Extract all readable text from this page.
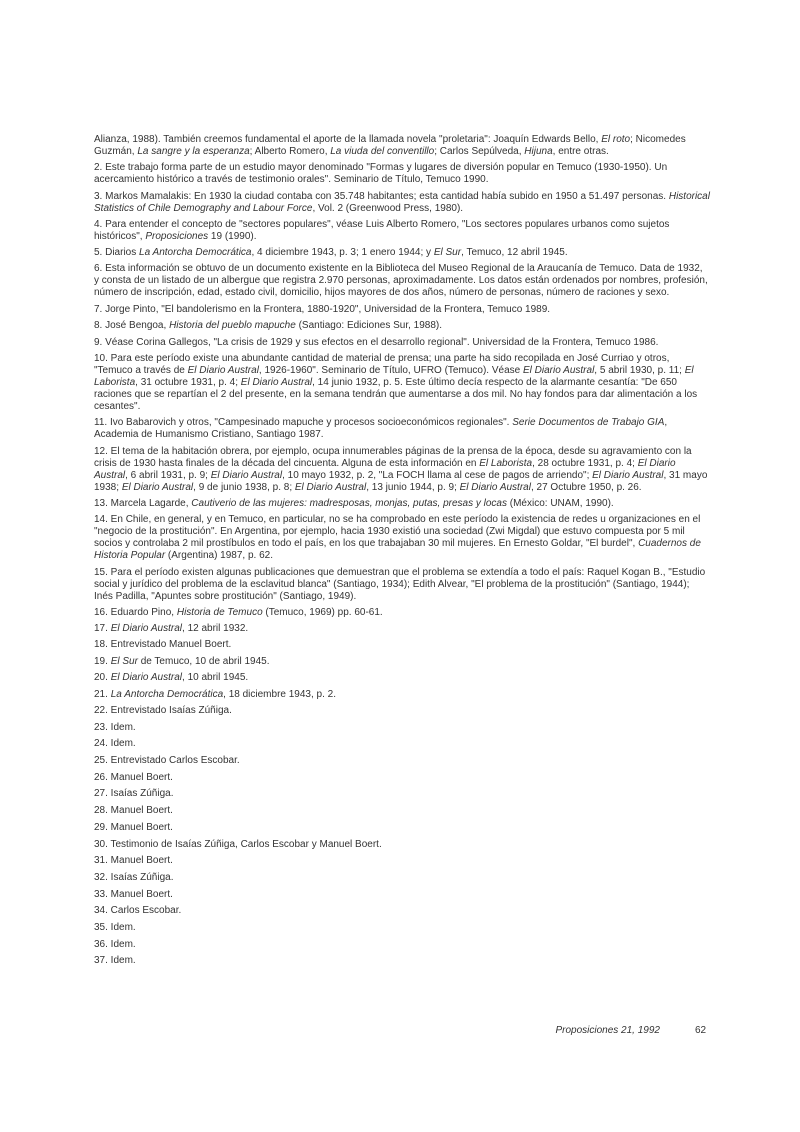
Alianza, 1988). También creemos fundamental el aporte de la llamada novela "proletaria": Joaquín Edwards Bello, El roto; Nicomedes Guzmán, La sangre y la esperanza; Alberto Romero, La viuda del conventillo; Carlos Sepúlveda, Hijuna, entre otras.

2. Este trabajo forma parte de un estudio mayor denominado "Formas y lugares de diversión popular en Temuco (1930-1950). Un acercamiento histórico a través de testimonio orales". Seminario de Título, Temuco 1990.

3. Markos Mamalakis: En 1930 la ciudad contaba con 35.748 habitantes; esta cantidad había subido en 1950 a 51.497 personas. Historical Statistics of Chile Demography and Labour Force, Vol. 2 (Greenwood Press, 1980).

4. Para entender el concepto de "sectores populares", véase Luis Alberto Romero, "Los sectores populares urbanos como sujetos históricos", Proposiciones 19 (1990).

5. Diarios La Antorcha Democrática, 4 diciembre 1943, p. 3; 1 enero 1944; y El Sur, Temuco, 12 abril 1945.

6. Esta información se obtuvo de un documento existente en la Biblioteca del Museo Regional de la Araucanía de Temuco. Data de 1932, y consta de un listado de un albergue que registra 2.970 personas, aproximadamente. Los datos están ordenados por nombres, profesión, número de inscripción, edad, estado civil, domicilio, hijos mayores de dos años, número de personas, número de raciones y sexo.

7. Jorge Pinto, "El bandolerismo en la Frontera, 1880-1920", Universidad de la Frontera, Temuco 1989.

8. José Bengoa, Historia del pueblo mapuche (Santiago: Ediciones Sur, 1988).

9. Véase Corina Gallegos, "La crisis de 1929 y sus efectos en el desarrollo regional". Universidad de la Frontera, Temuco 1986.

10. Para este período existe una abundante cantidad de material de prensa; una parte ha sido recopilada en José Curriao y otros, "Temuco a través de El Diario Austral, 1926-1960". Seminario de Título, UFRO (Temuco). Véase El Diario Austral, 5 abril 1930, p. 11; El Laborista, 31 octubre 1931, p. 4; El Diario Austral, 14 junio 1932, p. 5. Este último decía respecto de la alarmante cesantía: "De 650 raciones que se repartían el 2 del presente, en la semana tendrán que aumentarse a dos mil. No hay fondos para dar alimentación a los cesantes".

11. Ivo Babarovich y otros, "Campesinado mapuche y procesos socioeconómicos regionales". Serie Documentos de Trabajo GIA, Academia de Humanismo Cristiano, Santiago 1987.

12. El tema de la habitación obrera, por ejemplo, ocupa innumerables páginas de la prensa de la época, desde su agravamiento con la crisis de 1930 hasta finales de la década del cincuenta. Alguna de esta información en El Laborista, 28 octubre 1931, p. 4; El Diario Austral, 6 abril 1931, p. 9; El Diario Austral, 10 mayo 1932, p. 2, "La FOCH llama al cese de pagos de arriendo"; El Diario Austral, 31 mayo 1938; El Diario Austral, 9 de junio 1938, p. 8; El Diario Austral, 13 junio 1944, p. 9; El Diario Austral, 27 Octubre 1950, p. 26.

13. Marcela Lagarde, Cautiverio de las mujeres: madresposas, monjas, putas, presas y locas (México: UNAM, 1990).

14. En Chile, en general, y en Temuco, en particular, no se ha comprobado en este período la existencia de redes u organizaciones en el "negocio de la prostitución". En Argentina, por ejemplo, hacia 1930 existió una sociedad (Zwi Migdal) que estuvo compuesta por 5 mil socios y controlaba 2 mil prostíbulos en todo el país, en los que trabajaban 30 mil mujeres. En Ernesto Goldar, "El burdel", Cuadernos de Historia Popular (Argentina) 1987, p. 62.

15. Para el período existen algunas publicaciones que demuestran que el problema se extendía a todo el país: Raquel Kogan B., "Estudio social y jurídico del problema de la esclavitud blanca" (Santiago, 1934); Edith Alvear, "El problema de la prostitución" (Santiago, 1944); Inés Padilla, "Apuntes sobre prostitución" (Santiago, 1949).

16. Eduardo Pino, Historia de Temuco (Temuco, 1969) pp. 60-61.

17. El Diario Austral, 12 abril 1932.

18. Entrevistado Manuel Boert.

19. El Sur de Temuco, 10 de abril 1945.

20. El Diario Austral, 10 abril 1945.

21. La Antorcha Democrática, 18 diciembre 1943, p. 2.

22. Entrevistado Isaías Zúñiga.

23. Idem.

24. Idem.

25. Entrevistado Carlos Escobar.

26. Manuel Boert.

27. Isaías Zúñiga.

28. Manuel Boert.

29. Manuel Boert.

30. Testimonio de Isaías Zúñiga, Carlos Escobar y Manuel Boert.

31. Manuel Boert.

32. Isaías Zúñiga.

33. Manuel Boert.

34. Carlos Escobar.

35. Idem.

36. Idem.

37. Idem.

Proposiciones 21, 1992	62
